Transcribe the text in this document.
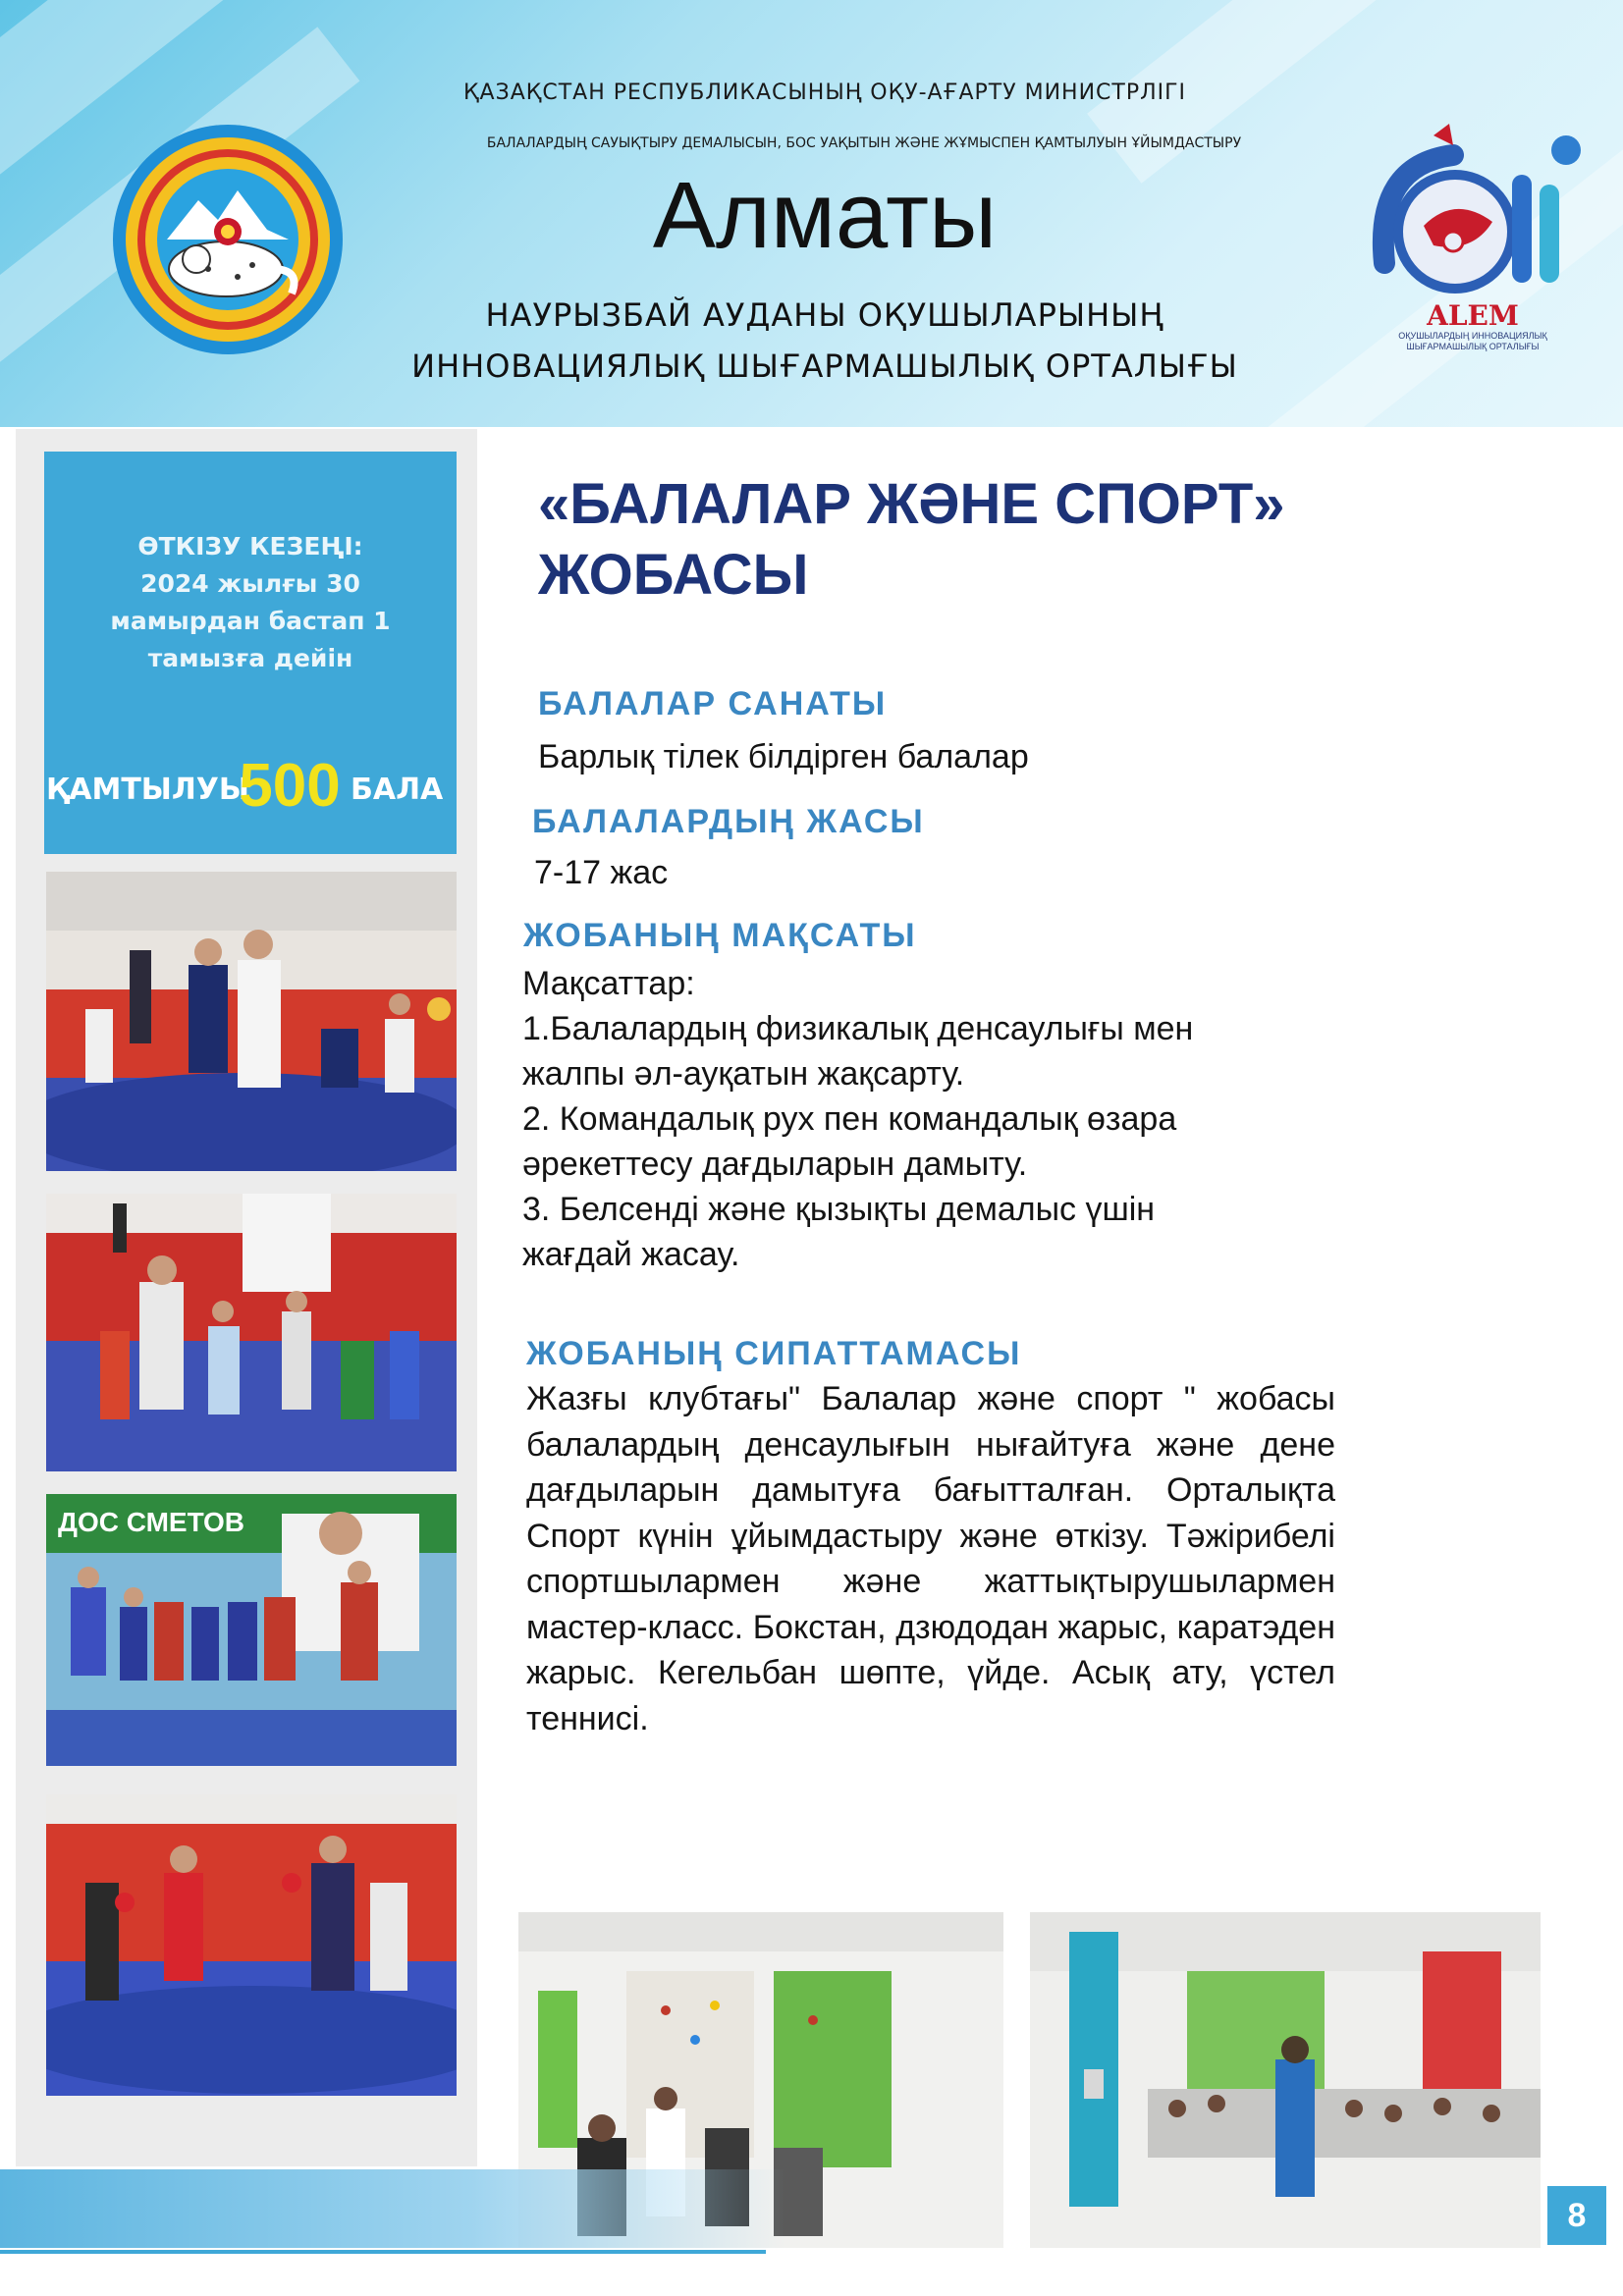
ҚАЗАҚСТАН РЕСПУБЛИКАСЫНЫҢ ОҚУ-АҒАРТУ МИНИСТРЛІГІ
БАЛАЛАРДЫҢ САУЫҚТЫРУ ДЕМАЛЫСЫН, БОС УАҚЫТЫН ЖӘНЕ ЖҰМЫСПЕН ҚАМТЫЛУЫН ҰЙЫМДАСТЫРУ
Алматы
НАУРЫЗБАЙ АУДАНЫ ОҚУШЫЛАРЫНЫҢ
ИННОВАЦИЯЛЫҚ ШЫҒАРМАШЫЛЫҚ ОРТАЛЫҒЫ
ALEM
ОҚУШЫЛАРДЫҢ ИННОВАЦИЯЛЫҚ
ШЫҒАРМАШЫЛЫҚ ОРТАЛЫҒЫ
ӨТКІЗУ КЕЗЕҢІ:
2024 жылғы 30
мамырдан бастап 1
тамызға дейін
ҚАМТЫЛУЫ
500 БАЛА
ДОС СМЕТОВ
«БАЛАЛАР ЖӘНЕ СПОРТ»
ЖОБАСЫ
БАЛАЛАР САНАТЫ
Барлық тілек білдірген балалар
БАЛАЛАРДЫҢ ЖАСЫ
7-17 жас
ЖОБАНЫҢ МАҚСАТЫ
Мақсаттар:
1.Балалардың физикалық денсаулығы мен
жалпы әл-ауқатын жақсарту.
2. Командалық рух пен командалық өзара
әрекеттесу дағдыларын дамыту.
3. Белсенді және қызықты демалыс үшін
жағдай жасау.
ЖОБАНЫҢ СИПАТТАМАСЫ
Жазғы клубтағы" Балалар және спорт " жобасы балалардың денсаулығын нығайтуға және дене дағдыларын дамытуға бағытталған. Орталықта Спорт күнін ұйымдастыру және өткізу. Тәжірибелі спортшылармен және жаттықтырушылармен мастер-класс. Бокстан, дзюдодан жарыс, каратэден жарыс. Кегельбан шөпте, үйде. Асық ату, үстел теннисі.
8
